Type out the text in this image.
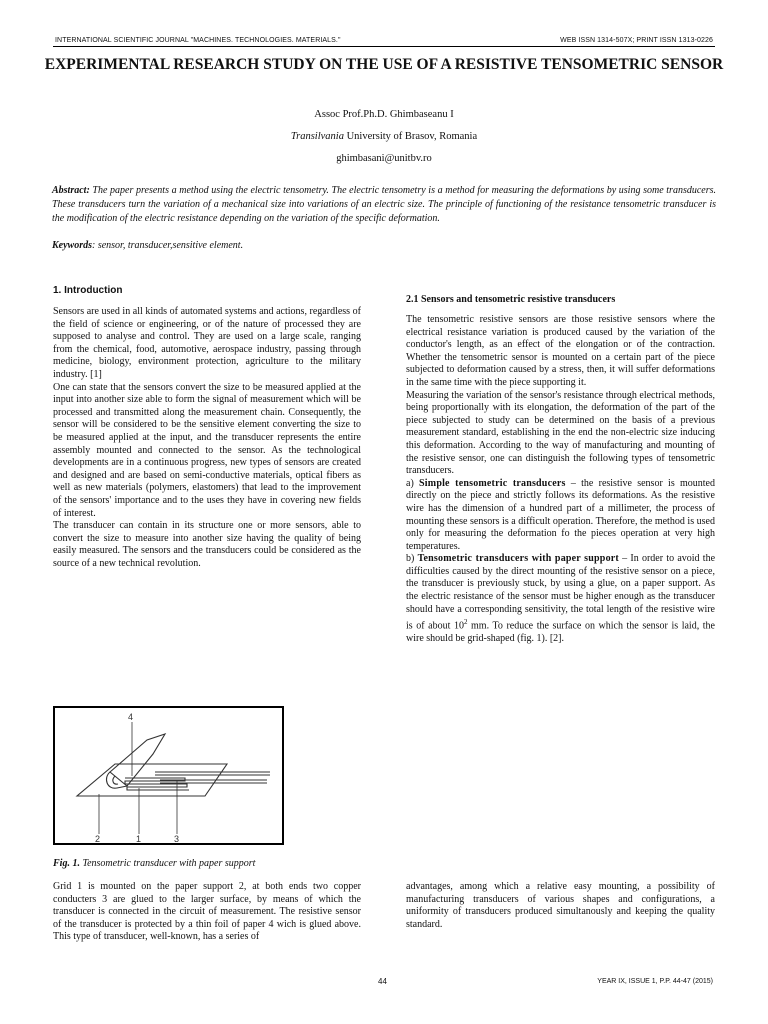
INTERNATIONAL SCIENTIFIC JOURNAL "MACHINES. TECHNOLOGIES. MATERIALS."	WEB ISSN 1314-507X; PRINT ISSN 1313-0226
EXPERIMENTAL RESEARCH STUDY ON THE USE OF A RESISTIVE TENSOMETRIC SENSOR
Assoc Prof.Ph.D. Ghimbaseanu I
Transilvania University of Brasov, Romania
ghimbasani@unitbv.ro

Abstract: The paper presents a method using the electric tensometry. The electric tensometry is a method for measuring the deformations by using some transducers. These transducers turn the variation of a mechanical size into variations of an electric size. The principle of functioning of the resistance tensometric transducer is the modification of the electric resistance depending on the variation of the specific deformation.

Keywords: sensor, transducer,sensitive element.

1. Introduction

Sensors are used in all kinds of automated systems and actions, regardless of the field of science or engineering, or of the nature of processed they are supposed to analyse and control. They are used on a large scale, ranging from the chemical, food, automotive, aerospace industry, passing through medicine, biology, environment protection, agriculture to the military industry. [1]

One can state that the sensors convert the size to be measured applied at the input into another size able to form the signal of measurement which will be processed and transmitted along the measurement chain. Consequently, the sensor will be considered to be the sensitive element converting the size to be measured applied at the input, and the transducer represents the entire assembly mounted and connected to the sensor. As the technological developments are in a continuous progress, new types of sensors are created and designed and are based on semi-conductive materials, optical fibers as well as new materials (polymers, elastomers) that lead to the improvement of the sensors' importance and to the uses they have in covering new fields of interest.

The transducer can contain in its structure one or more sensors, able to convert the size to measure into another size having the quality of being easily measured. The sensors and the transducers could be considered as the source of a new technical revolution.

2.1 Sensors and tensometric resistive transducers

The tensometric resistive sensors are those resistive sensors where the electrical resistance variation is produced caused by the variation of the conductor's length, as an effect of the elongation or of the contraction. Whether the tensometric sensor is mounted on a certain part of the piece subjected to deformation caused by a stress, then, it will suffer deformations in the same time with the piece supporting it.

Measuring the variation of the sensor's resistance through electrical methods, being proportionally with its elongation, the deformation of the part of the piece subjected to study can be determined on the basis of a previous measurement standard, establishing in the end the non-electric size inducing this deformation. According to the way of manufacturing and mounting of the resistive sensor, one can distinguish the following types of tensometric transducers.

a) Simple tensometric transducers – the resistive sensor is mounted directly on the piece and strictly follows its deformations. As the resistive wire has the dimension of a hundred part of a millimeter, the process of mounting these sensors is a difficult operation. Therefore, the method is used only for measuring the deformation fo the pieces operation at very high temperatures.

b) Tensometric transducers with paper support – In order to avoid the difficulties caused by the direct mounting of the resistive sensor on a piece, the transducer is previously stuck, by using a glue, on a paper support. As the electric resistance of the sensor must be higher enough as the transducer should have a corresponding sensitivity, the total length of the resistive wire is of about $10^2$ mm. To reduce the surface on which the sensor is laid, the wire should be grid-shaped (fig. 1). [2].

4
2	1	3
Fig. 1. Tensometric transducer with paper support

Grid 1 is mounted on the paper support 2, at both ends two copper conducters 3 are glued to the larger surface, by means of which the transducer is connected in the circuit of measurement. The resistive sensor of the transducer is protected by a thin foil of paper 4 wich is glued above. This type of transducer, well-known, has a series of

advantages, among which a relative easy mounting, a possibility of manufacturing transducers of various shapes and configurations, a uniformity of transducers produced simultanously and keeping the quality standard.

44	YEAR IX, ISSUE 1, P.P. 44-47 (2015)
